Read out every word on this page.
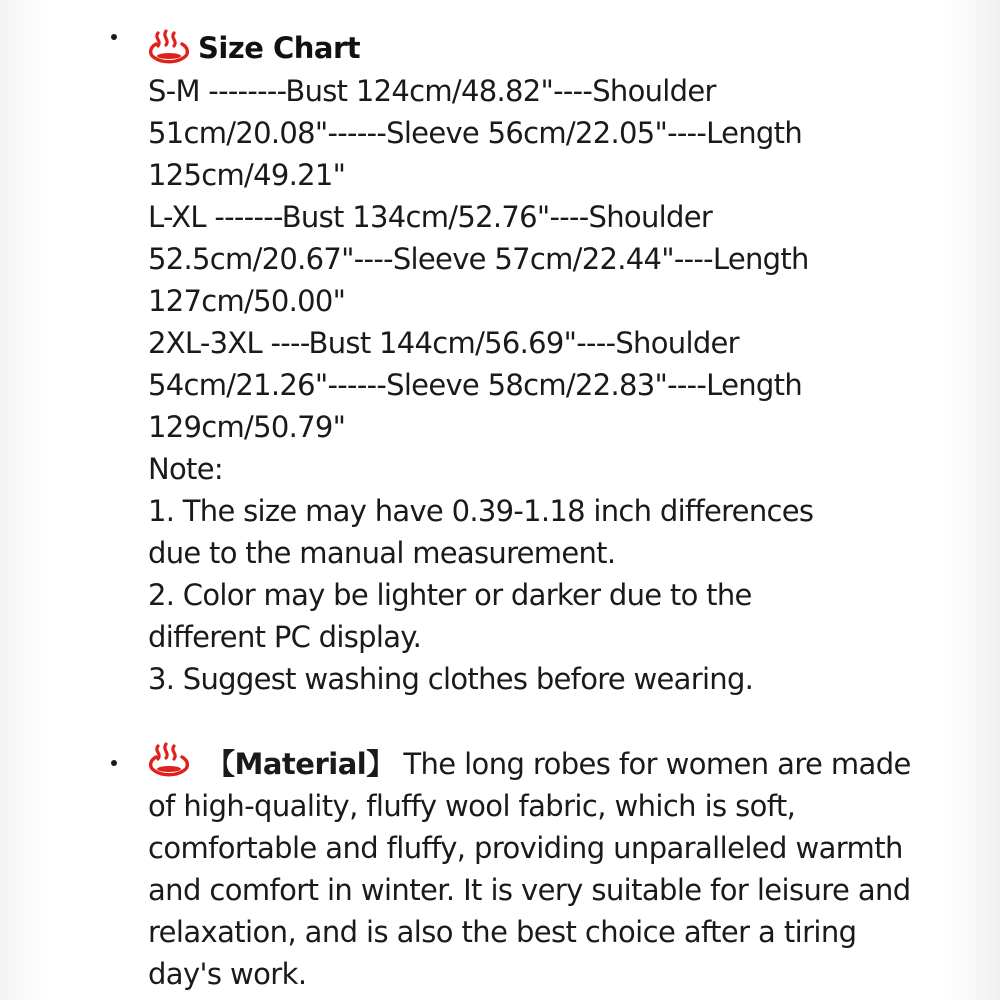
Size Chart
S-M --------Bust 124cm/48.82"----Shoulder
51cm/20.08"------Sleeve 56cm/22.05"----Length
125cm/49.21"
L-XL -------Bust 134cm/52.76"----Shoulder
52.5cm/20.67"----Sleeve 57cm/22.44"----Length
127cm/50.00"
2XL-3XL ----Bust 144cm/56.69"----Shoulder
54cm/21.26"------Sleeve 58cm/22.83"----Length
129cm/50.79"
Note:
1. The size may have 0.39-1.18 inch differences
due to the manual measurement.
2. Color may be lighter or darker due to the
different PC display.
3. Suggest washing clothes before wearing.
【Material】 The long robes for women are made of high-quality, fluffy wool fabric, which is soft, comfortable and fluffy, providing unparalleled warmth and comfort in winter. It is very suitable for leisure and relaxation, and is also the best choice after a tiring day's work.
